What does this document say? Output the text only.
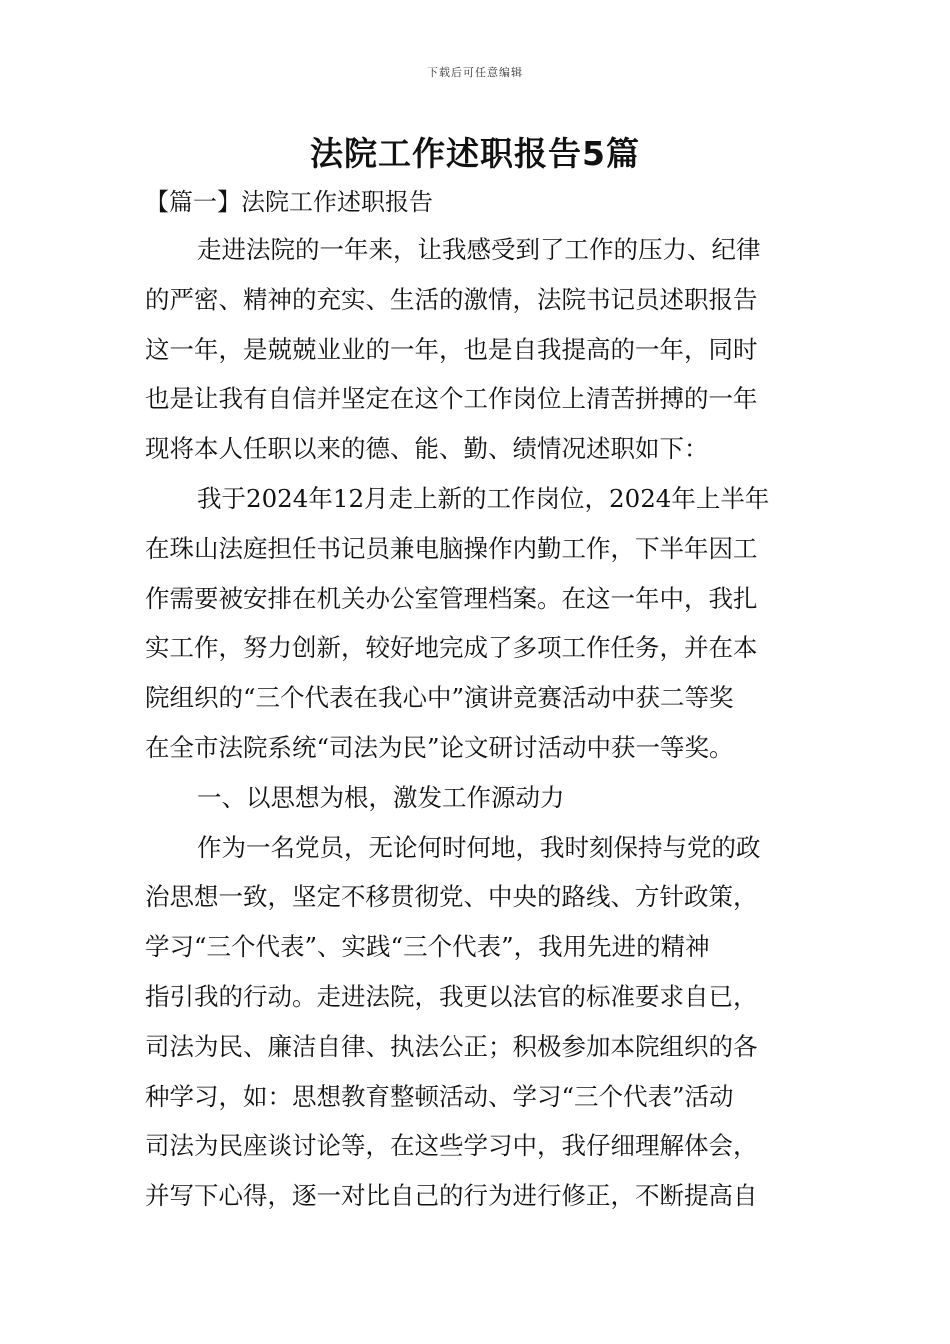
下载后可任意编辑
法院工作述职报告5篇
【篇一】法院工作述职报告
走进法院的一年来，让我感受到了工作的压力、纪律
的严密、精神的充实、生活的激情，法院书记员述职报告
这一年，是兢兢业业的一年，也是自我提高的一年，同时
也是让我有自信并坚定在这个工作岗位上清苦拼搏的一年
现将本人任职以来的德、能、勤、绩情况述职如下：
我于2024年12月走上新的工作岗位，2024年上半年
在珠山法庭担任书记员兼电脑操作内勤工作，下半年因工
作需要被安排在机关办公室管理档案。在这一年中，我扎
实工作，努力创新，较好地完成了多项工作任务，并在本
院组织的“三个代表在我心中”演讲竞赛活动中获二等奖
在全市法院系统“司法为民”论文研讨活动中获一等奖。
一、以思想为根，激发工作源动力
作为一名党员，无论何时何地，我时刻保持与党的政
治思想一致，坚定不移贯彻党、中央的路线、方针政策，
学习“三个代表”、实践“三个代表”，我用先进的精神
指引我的行动。走进法院，我更以法官的标准要求自已，
司法为民、廉洁自律、执法公正；积极参加本院组织的各
种学习，如：思想教育整顿活动、学习“三个代表”活动
司法为民座谈讨论等，在这些学习中，我仔细理解体会，
并写下心得，逐一对比自己的行为进行修正，不断提高自
